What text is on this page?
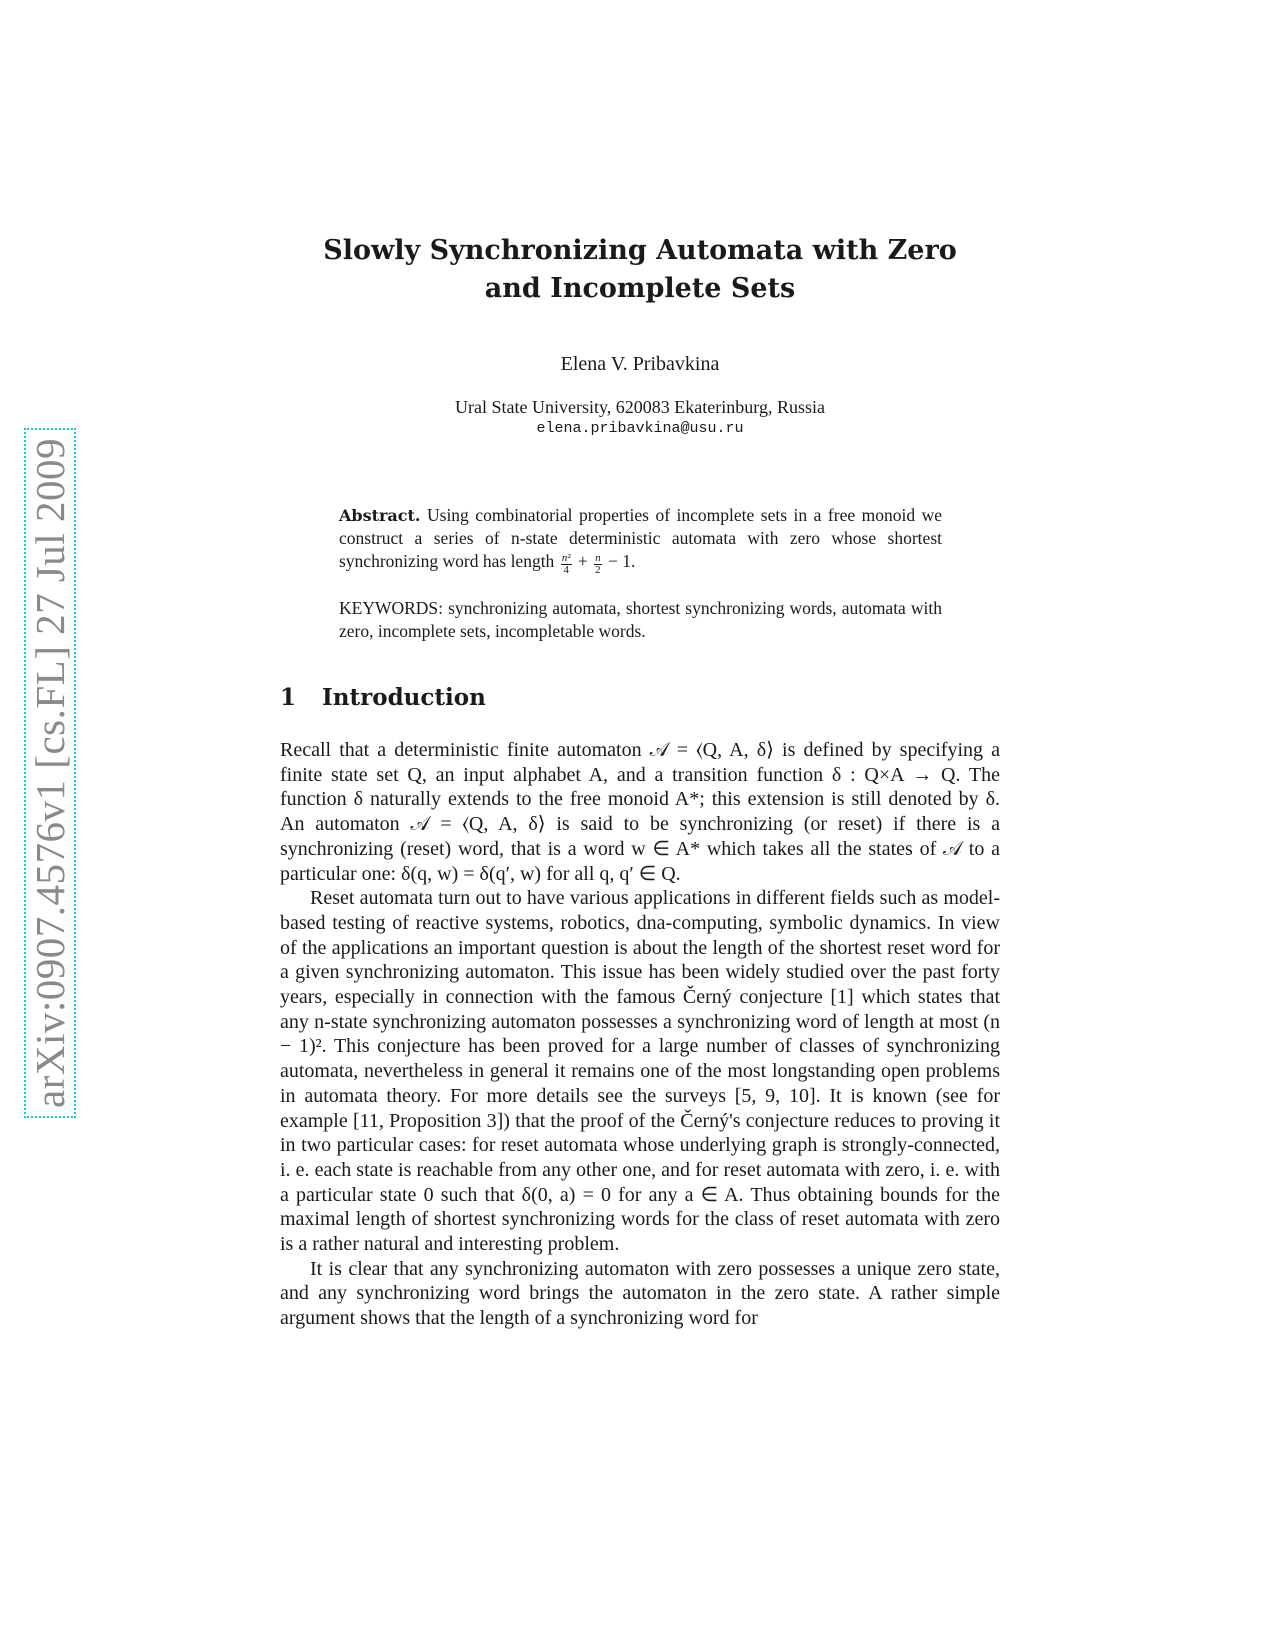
arXiv:0907.4576v1 [cs.FL] 27 Jul 2009
Slowly Synchronizing Automata with Zero
and Incomplete Sets
Elena V. Pribavkina
Ural State University, 620083 Ekaterinburg, Russia
elena.pribavkina@usu.ru
Abstract. Using combinatorial properties of incomplete sets in a free monoid we construct a series of n-state deterministic automata with zero whose shortest synchronizing word has length $\frac{\text{n²}}{4} + \frac{n}{2} - 1$.
KEYWORDS: synchronizing automata, shortest synchronizing words, automata with zero, incomplete sets, incompletable words.
1 Introduction

Recall that a deterministic finite automaton 𝒜 = ⟨Q, A, δ⟩ is defined by specifying a finite state set Q, an input alphabet A, and a transition function δ : Q×A → Q. The function δ naturally extends to the free monoid A*; this extension is still denoted by δ. An automaton 𝒜 = ⟨Q, A, δ⟩ is said to be synchronizing (or reset) if there is a synchronizing (reset) word, that is a word w ∈ A* which takes all the states of 𝒜 to a particular one: δ(q, w) = δ(q′, w) for all q, q′ ∈ Q.

Reset automata turn out to have various applications in different fields such as model-based testing of reactive systems, robotics, dna-computing, symbolic dynamics. In view of the applications an important question is about the length of the shortest reset word for a given synchronizing automaton. This issue has been widely studied over the past forty years, especially in connection with the famous Černý conjecture [1] which states that any n-state synchronizing automaton possesses a synchronizing word of length at most (n − 1)². This conjecture has been proved for a large number of classes of synchronizing automata, nevertheless in general it remains one of the most longstanding open problems in automata theory. For more details see the surveys [5, 9, 10]. It is known (see for example [11, Proposition 3]) that the proof of the Černý's conjecture reduces to proving it in two particular cases: for reset automata whose underlying graph is strongly-connected, i. e. each state is reachable from any other one, and for reset automata with zero, i. e. with a particular state 0 such that δ(0, a) = 0 for any a ∈ A. Thus obtaining bounds for the maximal length of shortest synchronizing words for the class of reset automata with zero is a rather natural and interesting problem.

It is clear that any synchronizing automaton with zero possesses a unique zero state, and any synchronizing word brings the automaton in the zero state. A rather simple argument shows that the length of a synchronizing word for
